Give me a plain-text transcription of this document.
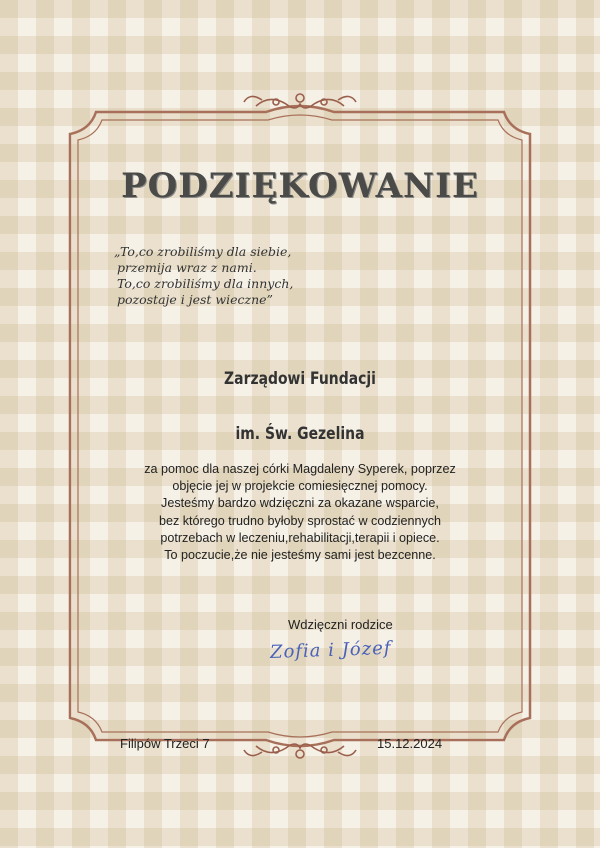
PODZIĘKOWANIE
„To,co zrobiliśmy dla siebie,
przemija wraz z nami.
To,co zrobiliśmy dla innych,
pozostaje i jest wieczne”
Zarządowi Fundacji
im. Św. Gezelina
za pomoc dla naszej córki Magdaleny Syperek, poprzez
objęcie jej w projekcie comiesięcznej pomocy.
Jesteśmy bardzo wdzięczni za okazane wsparcie,
bez którego trudno byłoby sprostać w codziennych
potrzebach w leczeniu,rehabilitacji,terapii i opiece.
To poczucie,że nie jesteśmy sami jest bezcenne.
Wdzięczni rodzice
Zofia i Józef
Filipów Trzeci 7	15.12.2024
